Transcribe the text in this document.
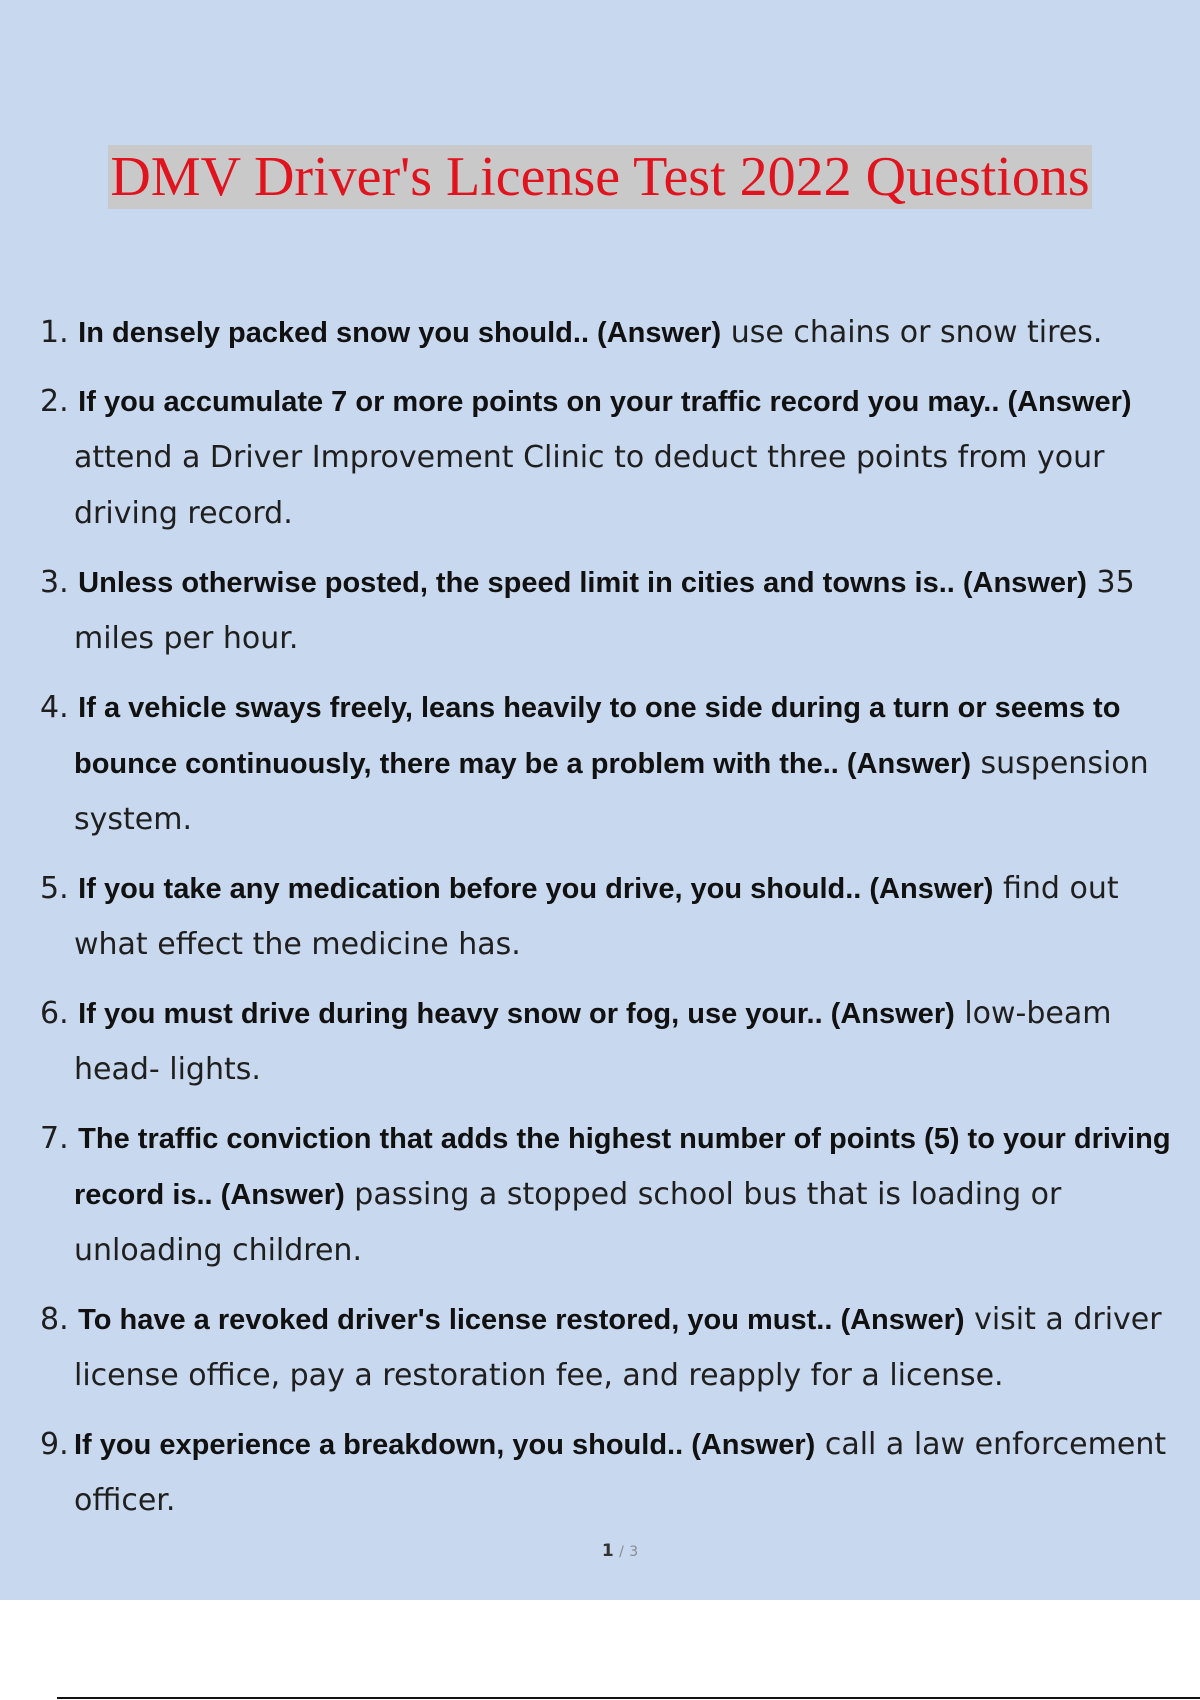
DMV Driver's License Test 2022 Questions
1. In densely packed snow you should.. (Answer) use chains or snow tires.
2. If you accumulate 7 or more points on your traffic record you may.. (Answer) attend a Driver Improvement Clinic to deduct three points from your driving record.
3. Unless otherwise posted, the speed limit in cities and towns is.. (Answer) 35 miles per hour.
4. If a vehicle sways freely, leans heavily to one side during a turn or seems to bounce continuously, there may be a problem with the.. (Answer) suspension system.
5. If you take any medication before you drive, you should.. (Answer) find out what effect the medicine has.
6. If you must drive during heavy snow or fog, use your.. (Answer) low-beam head- lights.
7. The traffic conviction that adds the highest number of points (5) to your driving record is.. (Answer) passing a stopped school bus that is loading or unloading children.
8. To have a revoked driver's license restored, you must.. (Answer) visit a driver license office, pay a restoration fee, and reapply for a license.
9. If you experience a breakdown, you should.. (Answer) call a law enforcement officer.
1 / 3
